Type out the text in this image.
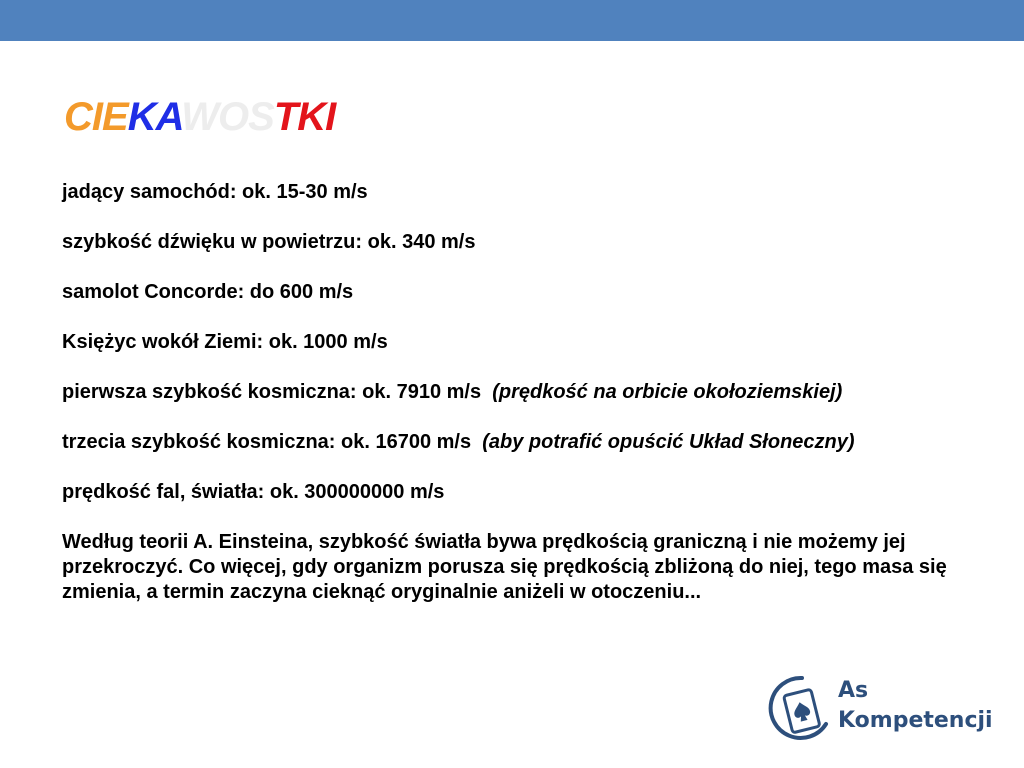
CIEKAWOSTKI

jadący samochód: ok. 15-30 m/s

szybkość dźwięku w powietrzu: ok. 340 m/s

samolot Concorde: do 600 m/s

Księżyc wokół Ziemi: ok. 1000 m/s

pierwsza szybkość kosmiczna: ok. 7910 m/s (prędkość na orbicie okołoziemskiej)

trzecia szybkość kosmiczna: ok. 16700 m/s (aby potrafić opuścić Układ Słoneczny)

prędkość fal, światła: ok. 300000000 m/s

Według teorii A. Einsteina, szybkość światła bywa prędkością graniczną i nie możemy jej przekroczyć. Co więcej, gdy organizm porusza się prędkością zbliżoną do niej, tego masa się zmienia, a termin zaczyna cieknąć oryginalnie aniżeli w otoczeniu...

As
Kompetencji
